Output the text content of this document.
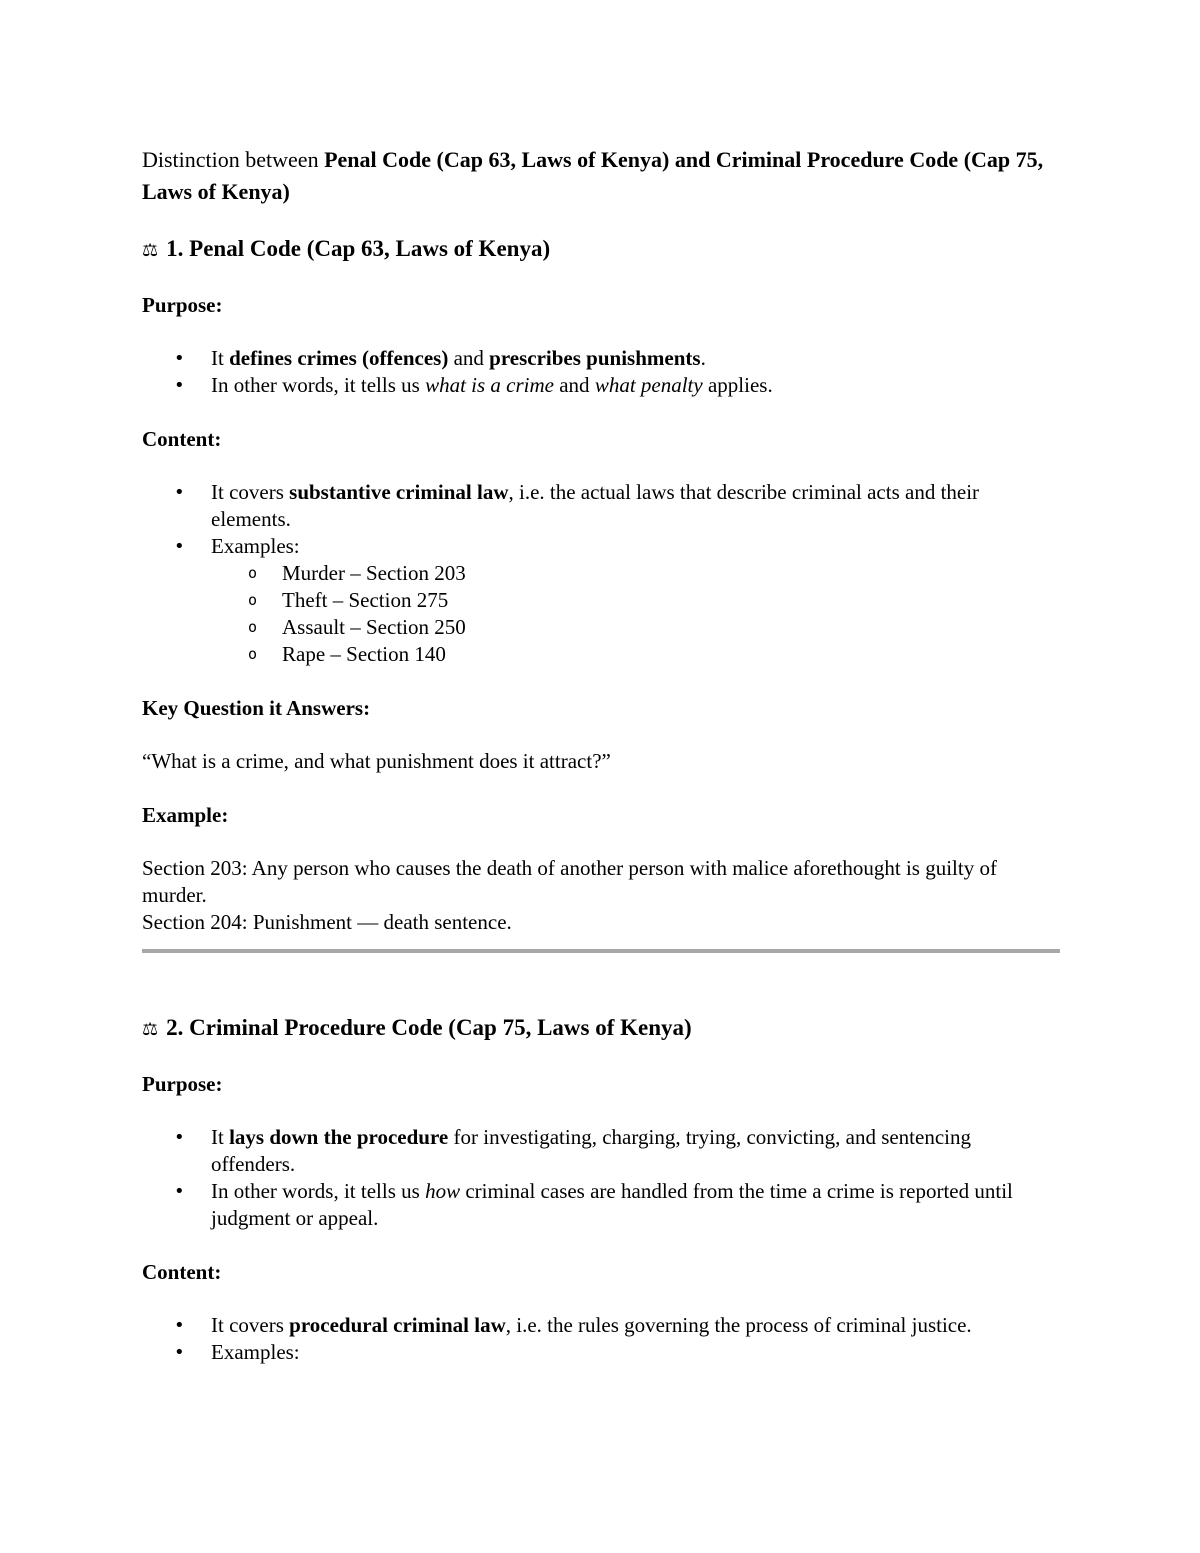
Distinction between Penal Code (Cap 63, Laws of Kenya) and Criminal Procedure Code (Cap 75, Laws of Kenya)

⚖ 1. Penal Code (Cap 63, Laws of Kenya)

Purpose:

• It defines crimes (offences) and prescribes punishments.
• In other words, it tells us what is a crime and what penalty applies.

Content:

• It covers substantive criminal law, i.e. the actual laws that describe criminal acts and their elements.
• Examples:
o Murder – Section 203
o Theft – Section 275
o Assault – Section 250
o Rape – Section 140

Key Question it Answers:

“What is a crime, and what punishment does it attract?”

Example:

Section 203: Any person who causes the death of another person with malice aforethought is guilty of murder.

Section 204: Punishment — death sentence.

⚖ 2. Criminal Procedure Code (Cap 75, Laws of Kenya)

Purpose:

• It lays down the procedure for investigating, charging, trying, convicting, and sentencing offenders.
• In other words, it tells us how criminal cases are handled from the time a crime is reported until judgment or appeal.

Content:

• It covers procedural criminal law, i.e. the rules governing the process of criminal justice.
• Examples:
